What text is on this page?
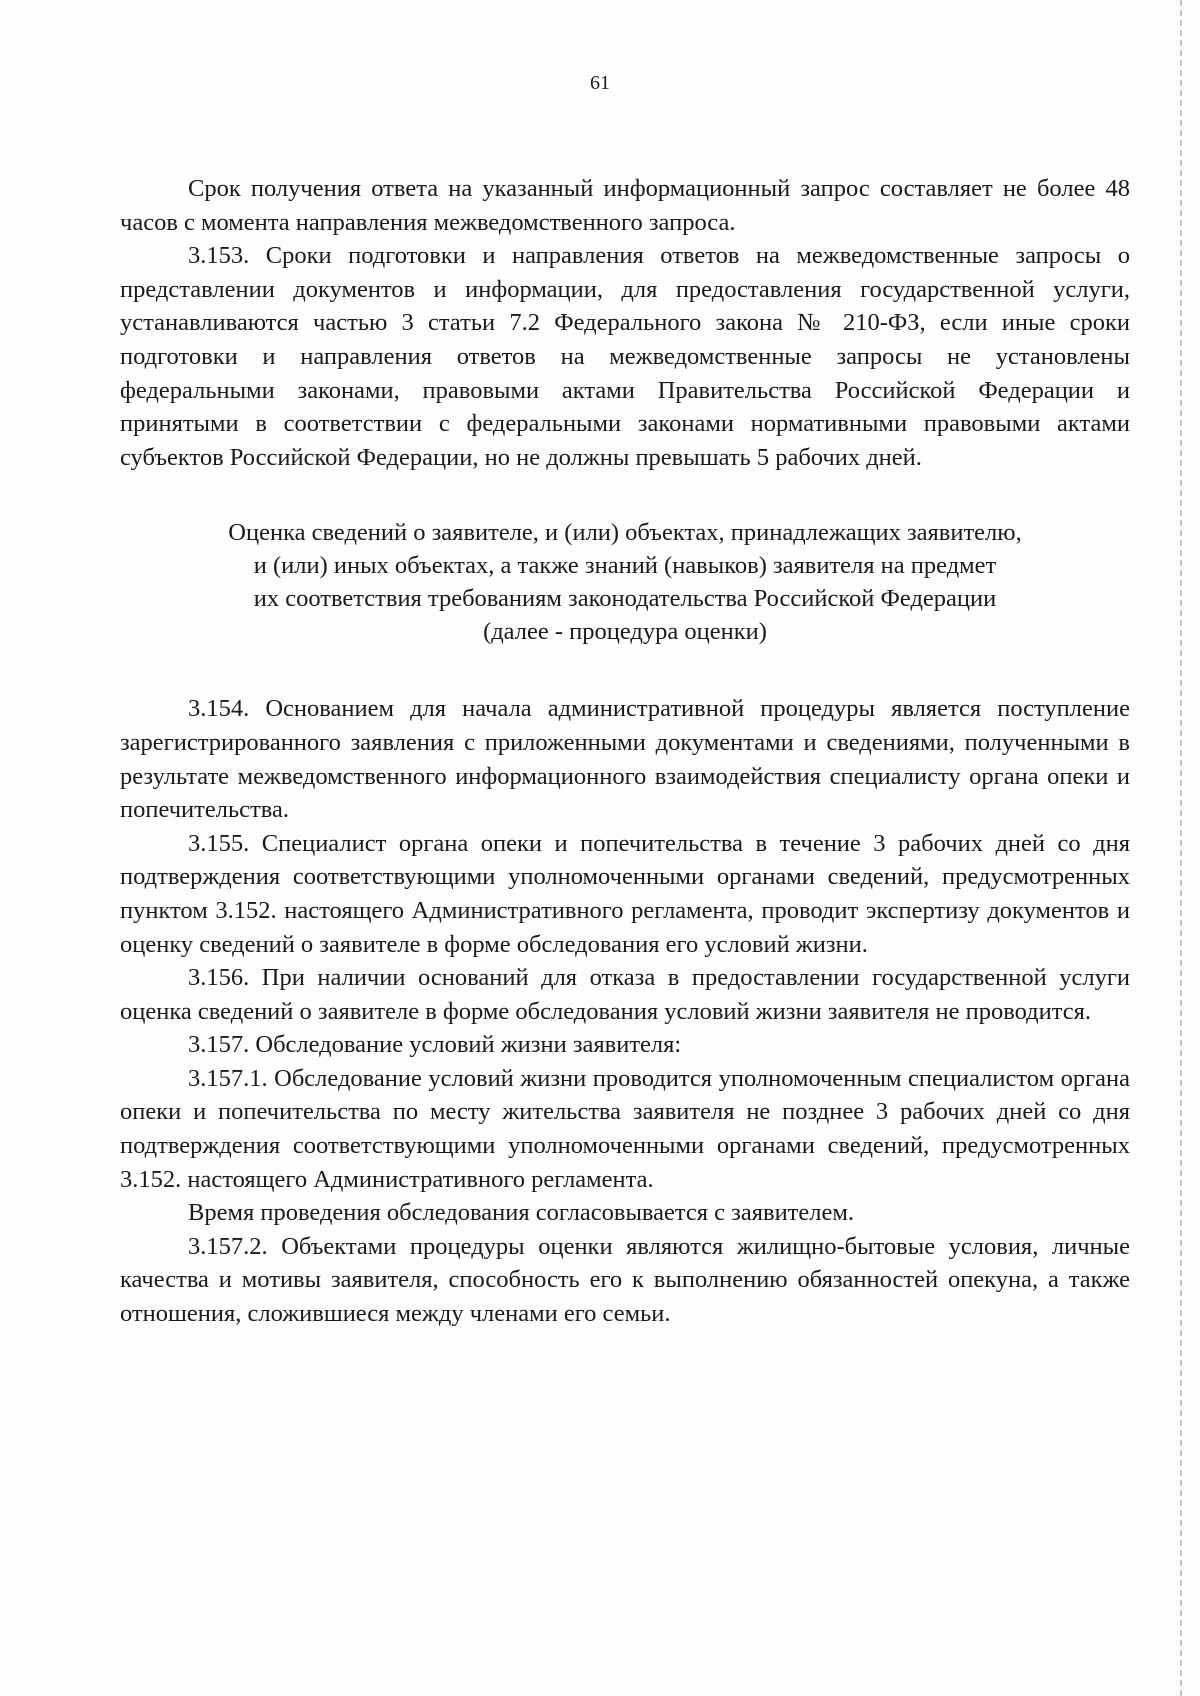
61

Срок получения ответа на указанный информационный запрос составляет не более 48 часов с момента направления межведомственного запроса.

3.153. Сроки подготовки и направления ответов на межведомственные запросы о представлении документов и информации, для предоставления государственной услуги, устанавливаются частью 3 статьи 7.2 Федерального закона № 210-ФЗ, если иные сроки подготовки и направления ответов на межведомственные запросы не установлены федеральными законами, правовыми актами Правительства Российской Федерации и принятыми в соответствии с федеральными законами нормативными правовыми актами субъектов Российской Федерации, но не должны превышать 5 рабочих дней.

Оценка сведений о заявителе, и (или) объектах, принадлежащих заявителю,
и (или) иных объектах, а также знаний (навыков) заявителя на предмет
их соответствия требованиям законодательства Российской Федерации
(далее - процедура оценки)

3.154. Основанием для начала административной процедуры является поступление зарегистрированного заявления с приложенными документами и сведениями, полученными в результате межведомственного информационного взаимодействия специалисту органа опеки и попечительства.

3.155. Специалист органа опеки и попечительства в течение 3 рабочих дней со дня подтверждения соответствующими уполномоченными органами сведений, предусмотренных пунктом 3.152. настоящего Административного регламента, проводит экспертизу документов и оценку сведений о заявителе в форме обследования его условий жизни.

3.156. При наличии оснований для отказа в предоставлении государственной услуги оценка сведений о заявителе в форме обследования условий жизни заявителя не проводится.

3.157. Обследование условий жизни заявителя:

3.157.1. Обследование условий жизни проводится уполномоченным специалистом органа опеки и попечительства по месту жительства заявителя не позднее 3 рабочих дней со дня подтверждения соответствующими уполномоченными органами сведений, предусмотренных 3.152. настоящего Административного регламента.

Время проведения обследования согласовывается с заявителем.

3.157.2. Объектами процедуры оценки являются жилищно-бытовые условия, личные качества и мотивы заявителя, способность его к выполнению обязанностей опекуна, а также отношения, сложившиеся между членами его семьи.
